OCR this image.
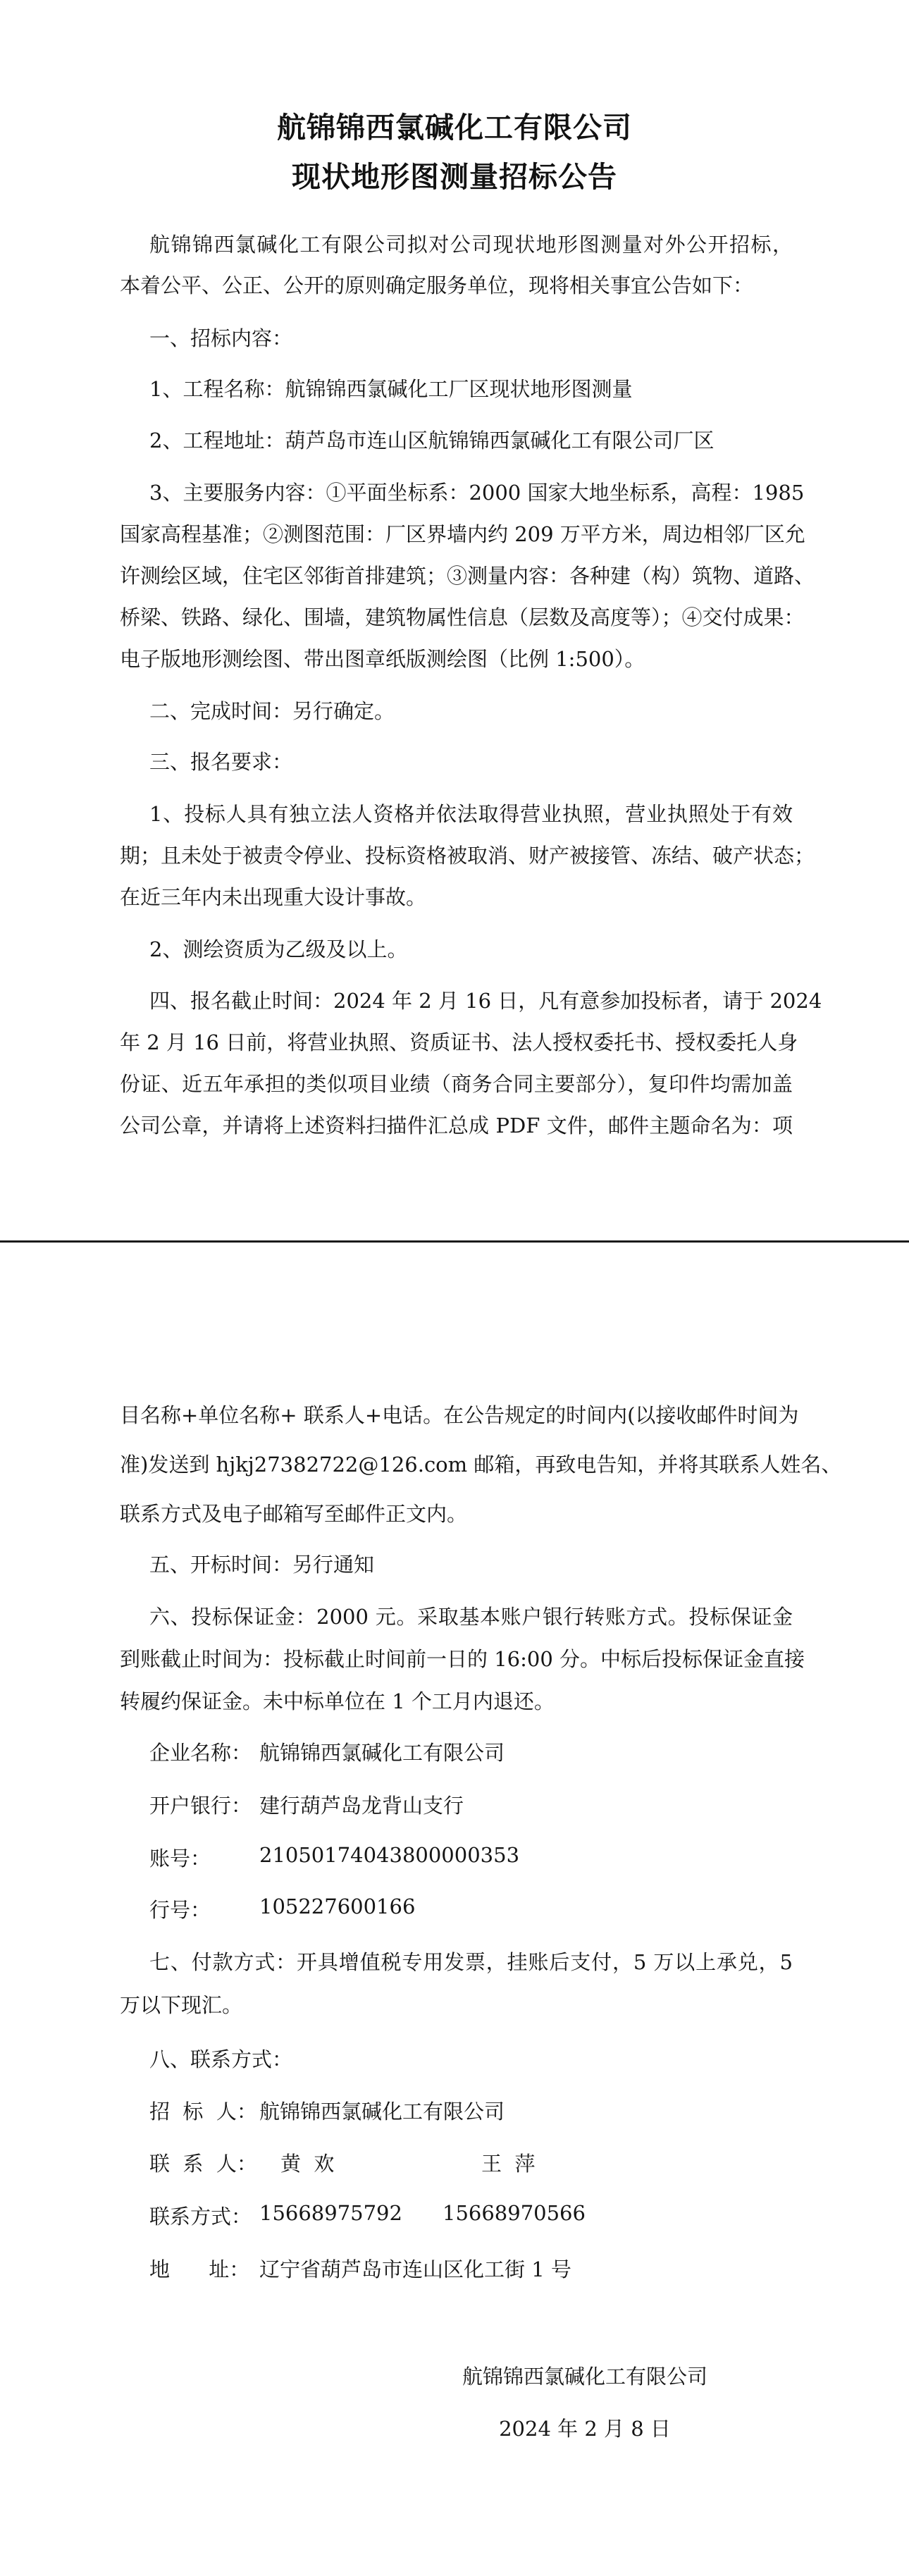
航锦锦西氯碱化工有限公司
现状地形图测量招标公告
航锦锦西氯碱化工有限公司拟对公司现状地形图测量对外公开招标，
本着公平、公正、公开的原则确定服务单位，现将相关事宜公告如下：
一、招标内容：
1、工程名称：航锦锦西氯碱化工厂区现状地形图测量
2、工程地址：葫芦岛市连山区航锦锦西氯碱化工有限公司厂区
3、主要服务内容：①平面坐标系：2000 国家大地坐标系，高程：1985
国家高程基准；②测图范围：厂区界墙内约 209 万平方米，周边相邻厂区允
许测绘区域，住宅区邻街首排建筑；③测量内容：各种建（构）筑物、道路、
桥梁、铁路、绿化、围墙，建筑物属性信息（层数及高度等）；④交付成果：
电子版地形测绘图、带出图章纸版测绘图（比例 1:500）。
二、完成时间：另行确定。
三、报名要求：
1、投标人具有独立法人资格并依法取得营业执照，营业执照处于有效
期；且未处于被责令停业、投标资格被取消、财产被接管、冻结、破产状态；
在近三年内未出现重大设计事故。
2、测绘资质为乙级及以上。
四、报名截止时间：2024 年 2 月 16 日，凡有意参加投标者，请于 2024
年 2 月 16 日前，将营业执照、资质证书、法人授权委托书、授权委托人身
份证、近五年承担的类似项目业绩（商务合同主要部分），复印件均需加盖
公司公章，并请将上述资料扫描件汇总成 PDF 文件，邮件主题命名为：项
目名称+单位名称+ 联系人+电话。在公告规定的时间内(以接收邮件时间为
准)发送到 hjkj27382722@126.com 邮箱，再致电告知，并将其联系人姓名、
联系方式及电子邮箱写至邮件正文内。
五、开标时间：另行通知
六、投标保证金：2000 元。采取基本账户银行转账方式。投标保证金
到账截止时间为：投标截止时间前一日的 16:00 分。中标后投标保证金直接
转履约保证金。未中标单位在 1 个工月内退还。
企业名称： 航锦锦西氯碱化工有限公司
开户银行： 建行葫芦岛龙背山支行
账号： 21050174043800000353
行号： 105227600166
七、付款方式：开具增值税专用发票，挂账后支付，5 万以上承兑，5
万以下现汇。
八、联系方式：
招  标  人： 航锦锦西氯碱化工有限公司
联  系  人： 黄  欢	王  萍
联系方式： 15668975792 15668970566
地      址： 辽宁省葫芦岛市连山区化工街 1 号
航锦锦西氯碱化工有限公司
2024 年 2 月 8 日
